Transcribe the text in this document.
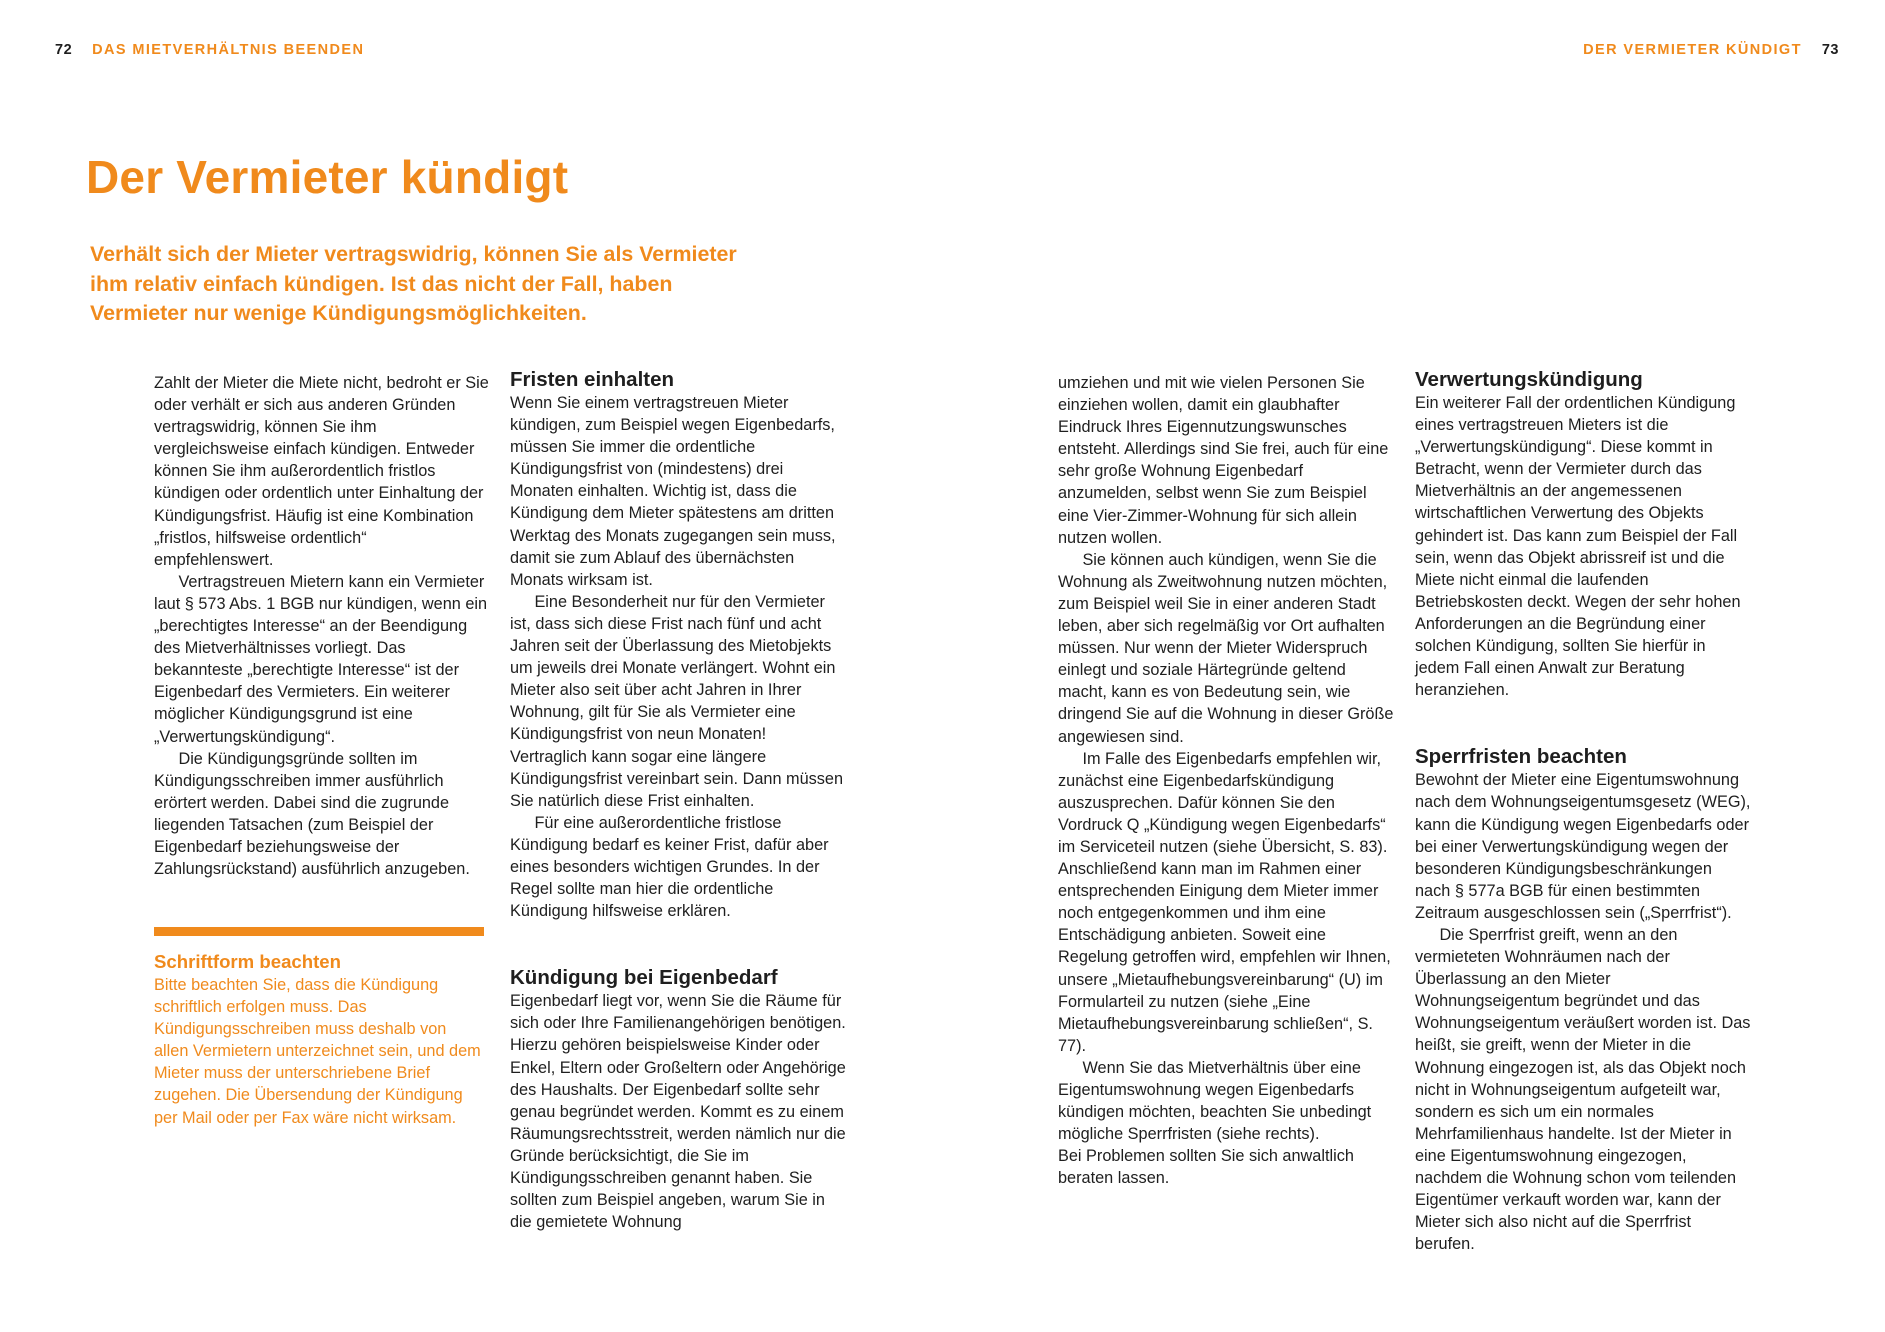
72 DAS MIETVERHÄLTNIS BEENDEN	DER VERMIETER KÜNDIGT 73
Der Vermieter kündigt

Verhält sich der Mieter vertragswidrig, können Sie als Vermieter ihm relativ einfach kündigen. Ist das nicht der Fall, haben Vermieter nur wenige Kündigungsmöglichkeiten.

Zahlt der Mieter die Miete nicht, bedroht er Sie oder verhält er sich aus anderen Gründen vertragswidrig, können Sie ihm vergleichsweise einfach kündigen. Entweder können Sie ihm außerordentlich fristlos kündigen oder ordentlich unter Einhaltung der Kündigungsfrist. Häufig ist eine Kombination „fristlos, hilfsweise ordentlich“ empfehlenswert.

Vertragstreuen Mietern kann ein Vermieter laut § 573 Abs. 1 BGB nur kündigen, wenn ein „berechtigtes Interesse“ an der Beendigung des Mietverhältnisses vorliegt. Das bekannteste „berechtigte Interesse“ ist der Eigenbedarf des Vermieters. Ein weiterer möglicher Kündigungsgrund ist eine „Verwertungskündigung“.

Die Kündigungsgründe sollten im Kündigungsschreiben immer ausführlich erörtert werden. Dabei sind die zugrunde liegenden Tatsachen (zum Beispiel der Eigenbedarf beziehungsweise der Zahlungsrückstand) ausführlich anzugeben.

Schriftform beachten

Bitte beachten Sie, dass die Kündigung schriftlich erfolgen muss. Das Kündigungsschreiben muss deshalb von allen Vermietern unterzeichnet sein, und dem Mieter muss der unterschriebene Brief zugehen. Die Übersendung der Kündigung per Mail oder per Fax wäre nicht wirksam.

Fristen einhalten

Wenn Sie einem vertragstreuen Mieter kündigen, zum Beispiel wegen Eigenbedarfs, müssen Sie immer die ordentliche Kündigungsfrist von (mindestens) drei Monaten einhalten. Wichtig ist, dass die Kündigung dem Mieter spätestens am dritten Werktag des Monats zugegangen sein muss, damit sie zum Ablauf des übernächsten Monats wirksam ist.

Eine Besonderheit nur für den Vermieter ist, dass sich diese Frist nach fünf und acht Jahren seit der Überlassung des Mietobjekts um jeweils drei Monate verlängert. Wohnt ein Mieter also seit über acht Jahren in Ihrer Wohnung, gilt für Sie als Vermieter eine Kündigungsfrist von neun Monaten! Vertraglich kann sogar eine längere Kündigungsfrist vereinbart sein. Dann müssen Sie natürlich diese Frist einhalten.

Für eine außerordentliche fristlose Kündigung bedarf es keiner Frist, dafür aber eines besonders wichtigen Grundes. In der Regel sollte man hier die ordentliche Kündigung hilfsweise erklären.

Kündigung bei Eigenbedarf

Eigenbedarf liegt vor, wenn Sie die Räume für sich oder Ihre Familienangehörigen benötigen. Hierzu gehören beispielsweise Kinder oder Enkel, Eltern oder Großeltern oder Angehörige des Haushalts. Der Eigenbedarf sollte sehr genau begründet werden. Kommt es zu einem Räumungsrechtsstreit, werden nämlich nur die Gründe berücksichtigt, die Sie im Kündigungsschreiben genannt haben. Sie sollten zum Beispiel angeben, warum Sie in die gemietete Wohnung

umziehen und mit wie vielen Personen Sie einziehen wollen, damit ein glaubhafter Eindruck Ihres Eigennutzungswunsches entsteht. Allerdings sind Sie frei, auch für eine sehr große Wohnung Eigenbedarf anzumelden, selbst wenn Sie zum Beispiel eine Vier-Zimmer-Wohnung für sich allein nutzen wollen.

Sie können auch kündigen, wenn Sie die Wohnung als Zweitwohnung nutzen möchten, zum Beispiel weil Sie in einer anderen Stadt leben, aber sich regelmäßig vor Ort aufhalten müssen. Nur wenn der Mieter Widerspruch einlegt und soziale Härtegründe geltend macht, kann es von Bedeutung sein, wie dringend Sie auf die Wohnung in dieser Größe angewiesen sind.

Im Falle des Eigenbedarfs empfehlen wir, zunächst eine Eigenbedarfskündigung auszusprechen. Dafür können Sie den Vordruck Q „Kündigung wegen Eigenbedarfs“ im Serviceteil nutzen (siehe Übersicht, S. 83). Anschließend kann man im Rahmen einer entsprechenden Einigung dem Mieter immer noch entgegenkommen und ihm eine Entschädigung anbieten. Soweit eine Regelung getroffen wird, empfehlen wir Ihnen, unsere „Mietaufhebungsvereinbarung“ (U) im Formularteil zu nutzen (siehe „Eine Mietaufhebungsvereinbarung schließen“, S. 77).

Wenn Sie das Mietverhältnis über eine Eigentumswohnung wegen Eigenbedarfs kündigen möchten, beachten Sie unbedingt mögliche Sperrfristen (siehe rechts).

Bei Problemen sollten Sie sich anwaltlich beraten lassen.

Verwertungskündigung

Ein weiterer Fall der ordentlichen Kündigung eines vertragstreuen Mieters ist die „Verwertungskündigung“. Diese kommt in Betracht, wenn der Vermieter durch das Mietverhältnis an der angemessenen wirtschaftlichen Verwertung des Objekts gehindert ist. Das kann zum Beispiel der Fall sein, wenn das Objekt abrissreif ist und die Miete nicht einmal die laufenden Betriebskosten deckt. Wegen der sehr hohen Anforderungen an die Begründung einer solchen Kündigung, sollten Sie hierfür in jedem Fall einen Anwalt zur Beratung heranziehen.

Sperrfristen beachten

Bewohnt der Mieter eine Eigentumswohnung nach dem Wohnungseigentumsgesetz (WEG), kann die Kündigung wegen Eigenbedarfs oder bei einer Verwertungskündigung wegen der besonderen Kündigungsbeschränkungen nach § 577a BGB für einen bestimmten Zeitraum ausgeschlossen sein („Sperrfrist“).

Die Sperrfrist greift, wenn an den vermieteten Wohnräumen nach der Überlassung an den Mieter Wohnungseigentum begründet und das Wohnungseigentum veräußert worden ist. Das heißt, sie greift, wenn der Mieter in die Wohnung eingezogen ist, als das Objekt noch nicht in Wohnungseigentum aufgeteilt war, sondern es sich um ein normales Mehrfamilienhaus handelte. Ist der Mieter in eine Eigentumswohnung eingezogen, nachdem die Wohnung schon vom teilenden Eigentümer verkauft worden war, kann der Mieter sich also nicht auf die Sperrfrist berufen.
